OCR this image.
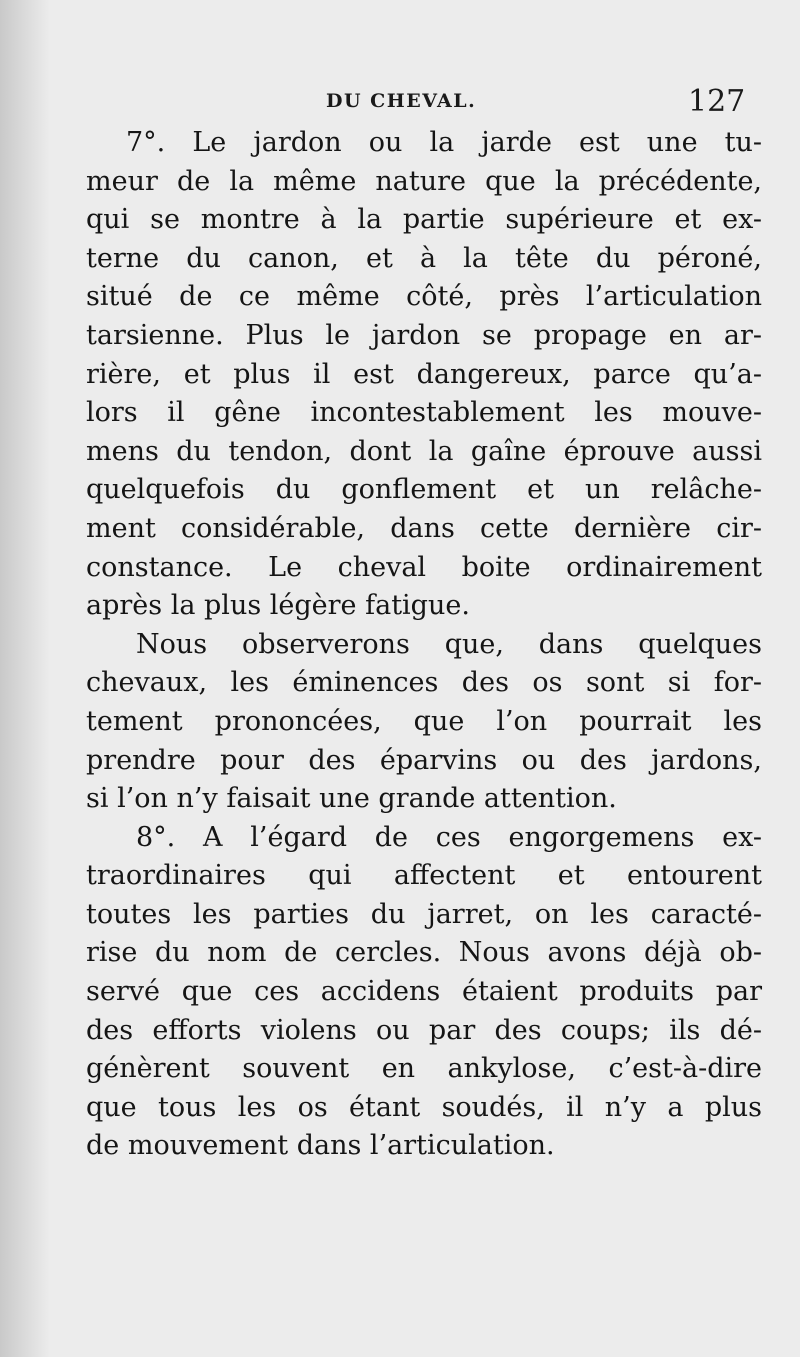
DU CHEVAL.	127
7°. Le jardon ou la jarde est une tu-
meur de la même nature que la précédente,
qui se montre à la partie supérieure et ex-
terne du canon, et à la tête du péroné,
situé de ce même côté, près l’articulation
tarsienne. Plus le jardon se propage en ar-
rière, et plus il est dangereux, parce qu’a-
lors il gêne incontestablement les mouve-
mens du tendon, dont la gaîne éprouve aussi
quelquefois du gonflement et un relâche-
ment considérable, dans cette dernière cir-
constance. Le cheval boite ordinairement
après la plus légère fatigue.
Nous observerons que, dans quelques
chevaux, les éminences des os sont si for-
tement prononcées, que l’on pourrait les
prendre pour des éparvins ou des jardons,
si l’on n’y faisait une grande attention.
8°. A l’égard de ces engorgemens ex-
traordinaires qui affectent et entourent
toutes les parties du jarret, on les caracté-
rise du nom de cercles. Nous avons déjà ob-
servé que ces accidens étaient produits par
des efforts violens ou par des coups; ils dé-
génèrent souvent en ankylose, c’est-à-dire
que tous les os étant soudés, il n’y a plus
de mouvement dans l’articulation.
